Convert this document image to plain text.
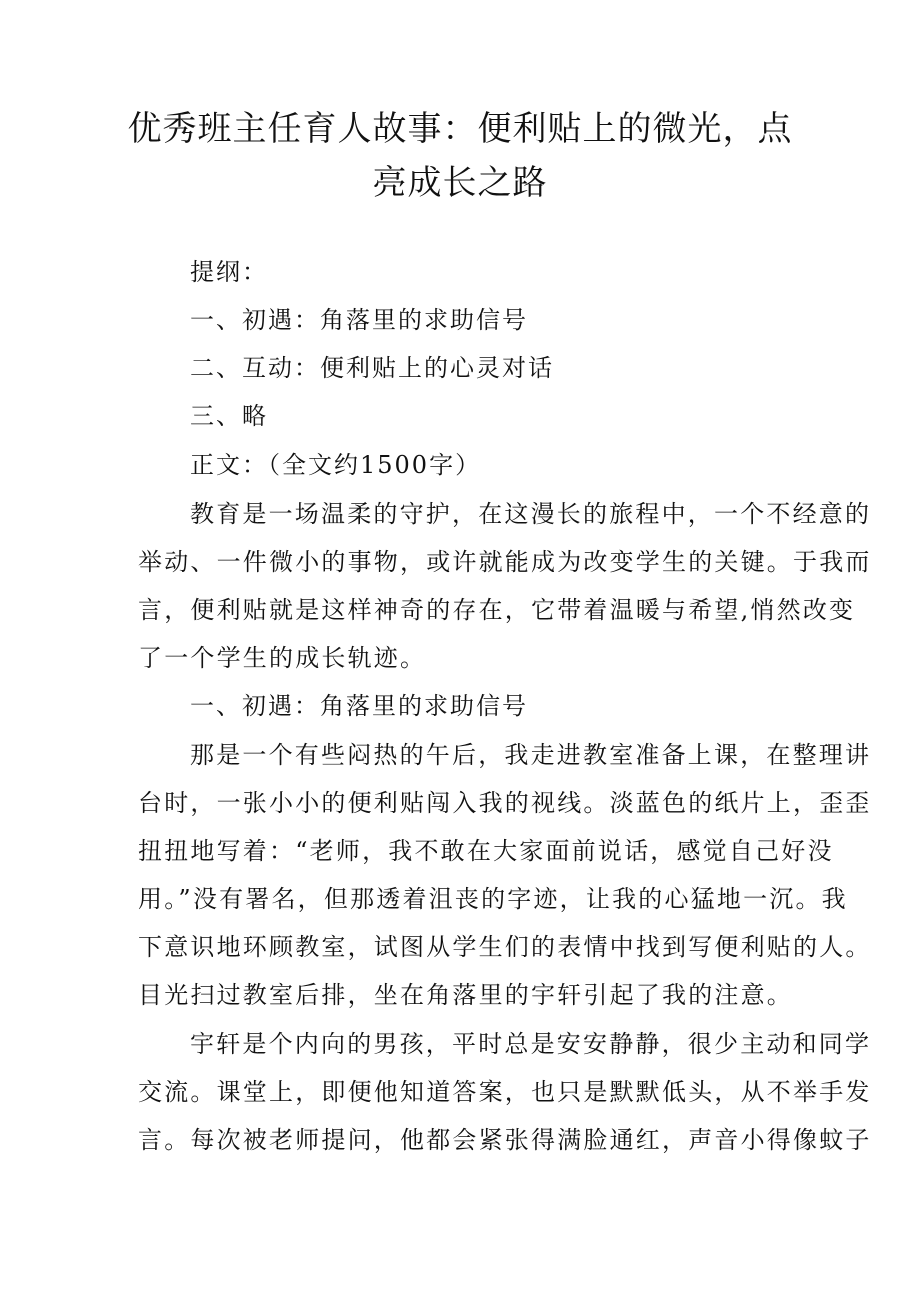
优秀班主任育人故事：便利贴上的微光，点
亮成长之路
提纲：
一、初遇：角落里的求助信号
二、互动：便利贴上的心灵对话
三、略
正文：（全文约1500字）
教育是一场温柔的守护，在这漫长的旅程中，一个不经意的
举动、一件微小的事物，或许就能成为改变学生的关键。于我而
言，便利贴就是这样神奇的存在，它带着温暖与希望,悄然改变
了一个学生的成长轨迹。
一、初遇：角落里的求助信号
那是一个有些闷热的午后，我走进教室准备上课，在整理讲
台时，一张小小的便利贴闯入我的视线。淡蓝色的纸片上，歪歪
扭扭地写着：“老师，我不敢在大家面前说话，感觉自己好没
用。”没有署名，但那透着沮丧的字迹，让我的心猛地一沉。我
下意识地环顾教室，试图从学生们的表情中找到写便利贴的人。
目光扫过教室后排，坐在角落里的宇轩引起了我的注意。
宇轩是个内向的男孩，平时总是安安静静，很少主动和同学
交流。课堂上，即便他知道答案，也只是默默低头，从不举手发
言。每次被老师提问，他都会紧张得满脸通红，声音小得像蚊子
